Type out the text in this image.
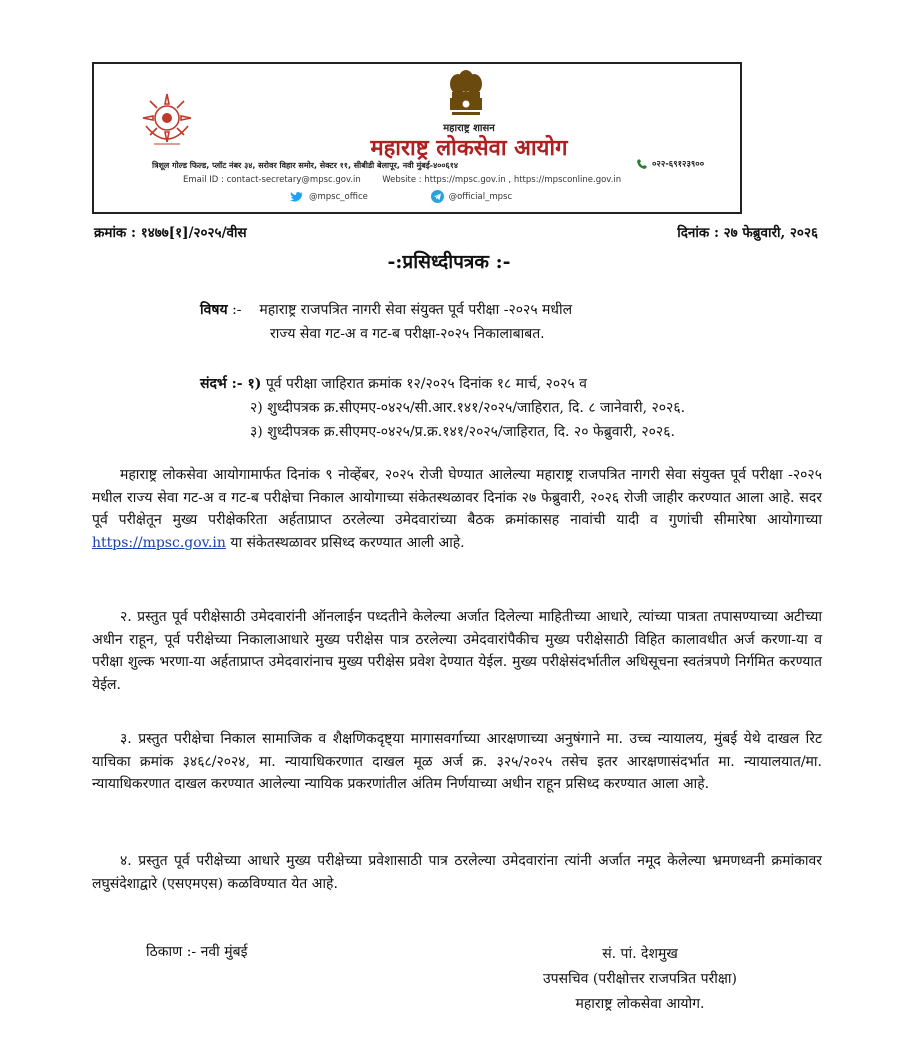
महाराष्ट्र शासन
महाराष्ट्र लोकसेवा आयोग
त्रिशूल गोल्ड फिल्ड, प्लॉट नंबर ३४, सरोवर विहार समोर, सेक्टर ११, सीबीडी बेलापूर, नवी मुंबई-४००६१४	०२२-६९१२३९००
Email ID : contact-secretary@mpsc.gov.in	Website : https://mpsc.gov.in , https://mpsconline.gov.in
@mpsc_office
	@official_mpsc
क्रमांक : १४७७[१]/२०२५/वीस	दिनांक : २७ फेब्रुवारी, २०२६
-:प्रसिध्दीपत्रक :-
विषय :- महाराष्ट्र राजपत्रित नागरी सेवा संयुक्त पूर्व परीक्षा -२०२५ मधील
राज्य सेवा गट-अ व गट-ब परीक्षा-२०२५ निकालाबाबत.
संदर्भ :- १) पूर्व परीक्षा जाहिरात क्रमांक १२/२०२५ दिनांक १८ मार्च, २०२५ व
२) शुध्दीपत्रक क्र.सीएमए-०४२५/सी.आर.१४१/२०२५/जाहिरात, दि. ८ जानेवारी, २०२६.
३) शुध्दीपत्रक क्र.सीएमए-०४२५/प्र.क्र.१४१/२०२५/जाहिरात, दि. २० फेब्रुवारी, २०२६.
महाराष्ट्र लोकसेवा आयोगामार्फत दिनांक ९ नोव्हेंबर, २०२५ रोजी घेण्यात आलेल्या महाराष्ट्र राजपत्रित नागरी सेवा संयुक्त पूर्व परीक्षा -२०२५ मधील राज्य सेवा गट-अ व गट-ब परीक्षेचा निकाल आयोगाच्या संकेतस्थळावर दिनांक २७ फेब्रुवारी, २०२६ रोजी जाहीर करण्यात आला आहे. सदर पूर्व परीक्षेतून मुख्य परीक्षेकरिता अर्हताप्राप्त ठरलेल्या उमेदवारांच्या बैठक क्रमांकासह नावांची यादी व गुणांची सीमारेषा आयोगाच्या https://mpsc.gov.in या संकेतस्थळावर प्रसिध्द करण्यात आली आहे.
२. प्रस्तुत पूर्व परीक्षेसाठी उमेदवारांनी ऑनलाईन पध्दतीने केलेल्या अर्जात दिलेल्या माहितीच्या आधारे, त्यांच्या पात्रता तपासण्याच्या अटीच्या अधीन राहून, पूर्व परीक्षेच्या निकालाआधारे मुख्य परीक्षेस पात्र ठरलेल्या उमेदवारांपैकीच मुख्य परीक्षेसाठी विहित कालावधीत अर्ज करणा-या व परीक्षा शुल्क भरणा-या अर्हताप्राप्त उमेदवारांनाच मुख्य परीक्षेस प्रवेश देण्यात येईल. मुख्य परीक्षेसंदर्भातील अधिसूचना स्वतंत्रपणे निर्गमित करण्यात येईल.
३. प्रस्तुत परीक्षेचा निकाल सामाजिक व शैक्षणिकदृष्ट्या मागासवर्गाच्या आरक्षणाच्या अनुषंगाने मा. उच्च न्यायालय, मुंबई येथे दाखल रिट याचिका क्रमांक ३४६८/२०२४, मा. न्यायाधिकरणात दाखल मूळ अर्ज क्र. ३२५/२०२५ तसेच इतर आरक्षणासंदर्भात मा. न्यायालयात/मा. न्यायाधिकरणात दाखल करण्यात आलेल्या न्यायिक प्रकरणांतील अंतिम निर्णयाच्या अधीन राहून प्रसिध्द करण्यात आला आहे.
४. प्रस्तुत पूर्व परीक्षेच्या आधारे मुख्य परीक्षेच्या प्रवेशासाठी पात्र ठरलेल्या उमेदवारांना त्यांनी अर्जात नमूद केलेल्या भ्रमणध्वनी क्रमांकावर लघुसंदेशाद्वारे (एसएमएस) कळविण्यात येत आहे.
ठिकाण :- नवी मुंबई	सं. पां. देशमुख
उपसचिव (परीक्षोत्तर राजपत्रित परीक्षा)
महाराष्ट्र लोकसेवा आयोग.
